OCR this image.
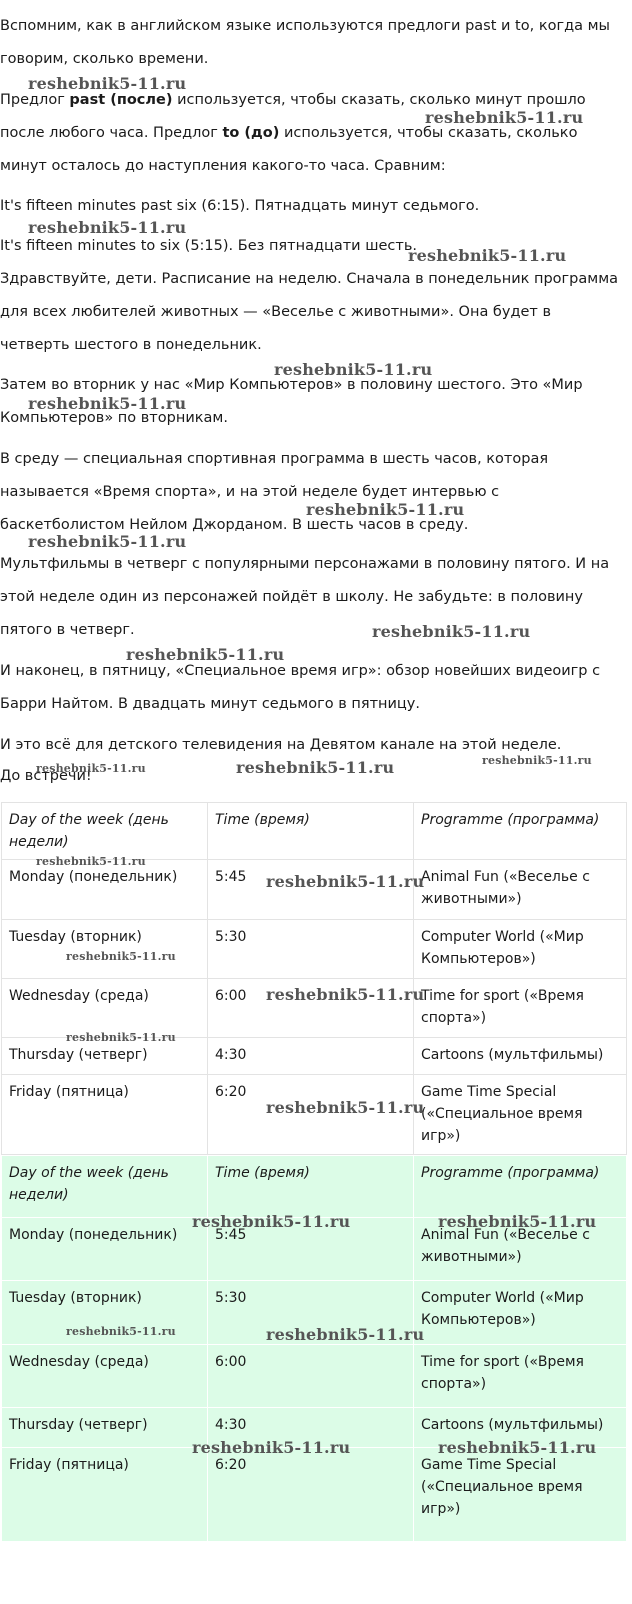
Вспомним, как в английском языке используются предлоги past и to, когда мы
говорим, сколько времени.
Предлог past (после) используется, чтобы сказать, сколько минут прошло
после любого часа. Предлог to (до) используется, чтобы сказать, сколько
минут осталось до наступления какого-то часа. Сравним:
It's fifteen minutes past six (6:15). Пятнадцать минут седьмого.
It's fifteen minutes to six (5:15). Без пятнадцати шесть.
Здравствуйте, дети. Расписание на неделю. Сначала в понедельник программа
для всех любителей животных — «Веселье с животными». Она будет в
четверть шестого в понедельник.
Затем во вторник у нас «Мир Компьютеров» в половину шестого. Это «Мир
Компьютеров» по вторникам.
В среду — специальная спортивная программа в шесть часов, которая
называется «Время спорта», и на этой неделе будет интервью с
баскетболистом Нейлом Джорданом. В шесть часов в среду.
Мультфильмы в четверг с популярными персонажами в половину пятого. И на
этой неделе один из персонажей пойдёт в школу. Не забудьте: в половину
пятого в четверг.
И наконец, в пятницу, «Специальное время игр»: обзор новейших видеоигр с
Барри Найтом. В двадцать минут седьмого в пятницу.
И это всё для детского телевидения на Девятом канале на этой неделе.
До встречи!
Day of the week (день недели)	Time (время)	Programme (программа)
Monday (понедельник)	5:45	Animal Fun («Веселье с животными»)
Tuesday (вторник)	5:30	Computer World («Мир Компьютеров»)
Wednesday (среда)	6:00	Time for sport («Время спорта»)
Thursday (четверг)	4:30	Cartoons (мультфильмы)
Friday (пятница)	6:20	Game Time Special («Специальное время игр»)
Day of the week (день недели)	Time (время)	Programme (программа)
Monday (понедельник)	5:45	Animal Fun («Веселье с животными»)
Tuesday (вторник)	5:30	Computer World («Мир Компьютеров»)
Wednesday (среда)	6:00	Time for sport («Время спорта»)
Thursday (четверг)	4:30	Cartoons (мультфильмы)
Friday (пятница)	6:20	Game Time Special («Специальное время игр»)
reshebnik5-11.ru
reshebnik5-11.ru
reshebnik5-11.ru
reshebnik5-11.ru
reshebnik5-11.ru
reshebnik5-11.ru
reshebnik5-11.ru
reshebnik5-11.ru
reshebnik5-11.ru
reshebnik5-11.ru
reshebnik5-11.ru	reshebnik5-11.ru	reshebnik5-11.ru
reshebnik5-11.ru
reshebnik5-11.ru
reshebnik5-11.ru
reshebnik5-11.ru
reshebnik5-11.ru
reshebnik5-11.ru
reshebnik5-11.ru	reshebnik5-11.ru
reshebnik5-11.ru	reshebnik5-11.ru
reshebnik5-11.ru	reshebnik5-11.ru
